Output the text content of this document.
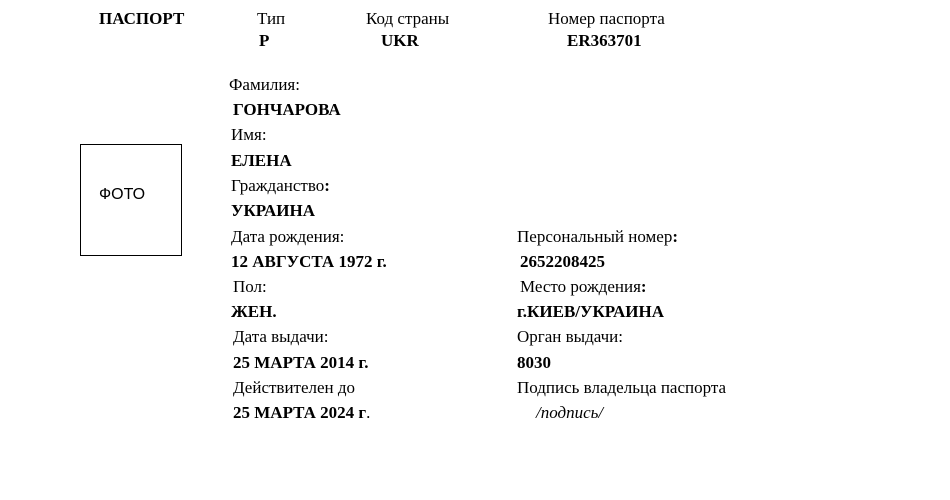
ПАСПОРТ	Тип
P
Код страны
UKR
Номер паспорта
ER363701
ФОТО
Фамилия:
ГОНЧАРОВА
Имя:
ЕЛЕНА
Гражданство:
УКРАИНА
Дата рождения:
12 АВГУСТА 1972 г.
Пол:
ЖЕН.
Дата выдачи:
25 МАРТА 2014 г.
Действителен до
25 МАРТА 2024 г.
Персональный номер:
2652208425
Место рождения:
г.КИЕВ/УКРАИНА
Орган выдачи:
8030
Подпись владельца паспорта
/подпись/
